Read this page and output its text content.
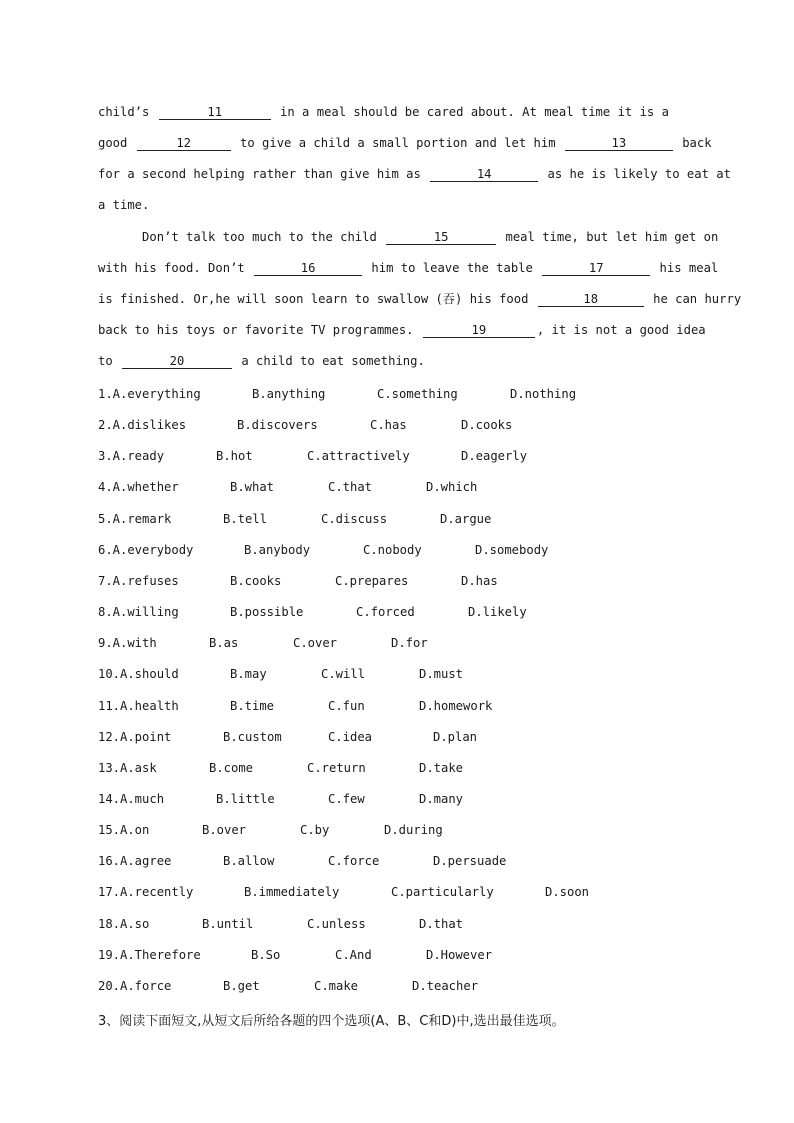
child’s	11	in a meal should be cared about. At meal time it is a
good	12	to give a child a small portion and let him	13	back
for a second helping rather than give him as	14	as he is likely to eat at
a time.
Don’t talk too much to the child	15	meal time, but let him get on
with his food. Don’t	16	him to leave the table	17	his meal
is finished. Or,he will soon learn to swallow (吞) his food	18	he can hurry
back to his toys or favorite TV programmes.	19	, it is not a good idea
to	20	a child to eat something.
1.A.everything	B.anything	C.something	D.nothing
2.A.dislikes	B.discovers	C.has	D.cooks
3.A.ready	B.hot	C.attractively	D.eagerly
4.A.whether	B.what	C.that	D.which
5.A.remark	B.tell	C.discuss	D.argue
6.A.everybody	B.anybody	C.nobody	D.somebody
7.A.refuses	B.cooks	C.prepares	D.has
8.A.willing	B.possible	C.forced	D.likely
9.A.with	B.as	C.over	D.for
10.A.should	B.may	C.will	D.must
11.A.health	B.time	C.fun	D.homework
12.A.point	B.custom	C.idea	D.plan
13.A.ask	B.come	C.return	D.take
14.A.much	B.little	C.few	D.many
15.A.on	B.over	C.by	D.during
16.A.agree	B.allow	C.force	D.persuade
17.A.recently	B.immediately	C.particularly	D.soon
18.A.so	B.until	C.unless	D.that
19.A.Therefore	B.So	C.And	D.However
20.A.force	B.get	C.make	D.teacher
3、阅读下面短文,从短文后所给各题的四个选项(A、B、C和D)中,选出最佳选项。
